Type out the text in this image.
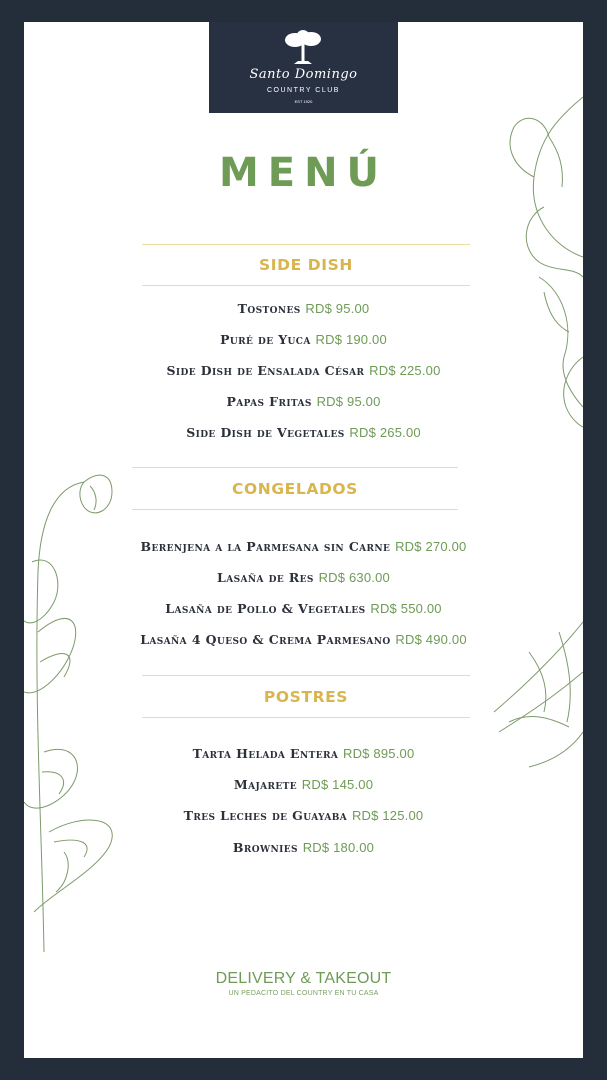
Santo Domingo
COUNTRY CLUB
EST 1920
MENÚ
SIDE DISH
Tostones RD$ 95.00
Puré de Yuca RD$ 190.00
Side Dish de Ensalada César RD$ 225.00
Papas Fritas RD$ 95.00
Side Dish de Vegetales RD$ 265.00
CONGELADOS
Berenjena a la Parmesana sin Carne RD$ 270.00
Lasaña de Res RD$ 630.00
Lasaña de Pollo & Vegetales RD$ 550.00
Lasaña 4 Queso & Crema Parmesano RD$ 490.00
POSTRES
Tarta Helada Entera RD$ 895.00
Majarete RD$ 145.00
Tres Leches de Guayaba RD$ 125.00
Brownies RD$ 180.00
DELIVERY & TAKEOUT
UN PEDACITO DEL COUNTRY EN TU CASA
